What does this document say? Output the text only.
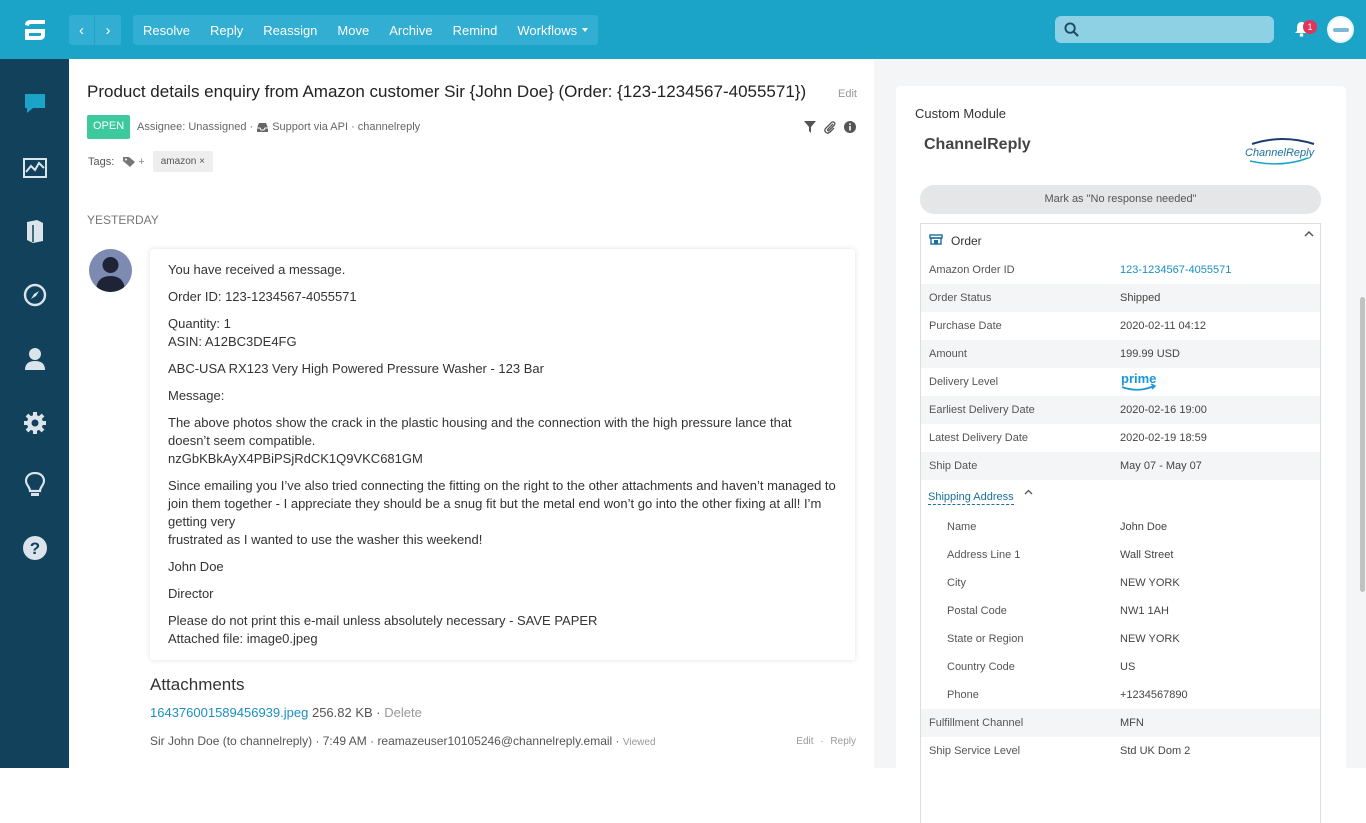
‹	›	Resolve	Reply	Reassign	Move	Archive	Remind	Workflows	1
?
Product details enquiry from Amazon customer Sir {John Doe} (Order: {123-1234567-4055571})	Edit
OPEN	Assignee: Unassigned · Support via API · channelreply
Tags: +	amazon ×
YESTERDAY

You have received a message.

Order ID: 123-1234567-4055571

Quantity: 1
ASIN: A12BC3DE4FG

ABC-USA RX123 Very High Powered Pressure Washer - 123 Bar

Message:

The above photos show the crack in the plastic housing and the connection with the high pressure lance that doesn’t seem compatible.
nzGbKBkAyX4PBiPSjRdCK1Q9VKC681GM

Since emailing you I’ve also tried connecting the fitting on the right to the other attachments and haven’t managed to join them together - I appreciate they should be a snug fit but the metal end won’t go into the other fixing at all! I’m getting very
frustrated as I wanted to use the washer this weekend!

John Doe

Director

Please do not print this e-mail unless absolutely necessary - SAVE PAPER
Attached file: image0.jpeg

Attachments
164376001589456939.jpeg 256.82 KB · Delete
Sir John Doe (to channelreply) · 7:49 AM · reamazeuser10105246@channelreply.email · Viewed	Edit · Reply
Custom Module
ChannelReply	ChannelReply
Mark as "No response needed"
Order
Amazon Order ID	123-1234567-4055571
Order Status	Shipped
Purchase Date	2020-02-11 04:12
Amount	199.99 USD
Delivery Level	prime
Earliest Delivery Date	2020-02-16 19:00
Latest Delivery Date	2020-02-19 18:59
Ship Date	May 07 - May 07
Shipping Address
Name	John Doe
Address Line 1	Wall Street
City	NEW YORK
Postal Code	NW1 1AH
State or Region	NEW YORK
Country Code	US
Phone	+1234567890
Fulfillment Channel	MFN
Ship Service Level	Std UK Dom 2
